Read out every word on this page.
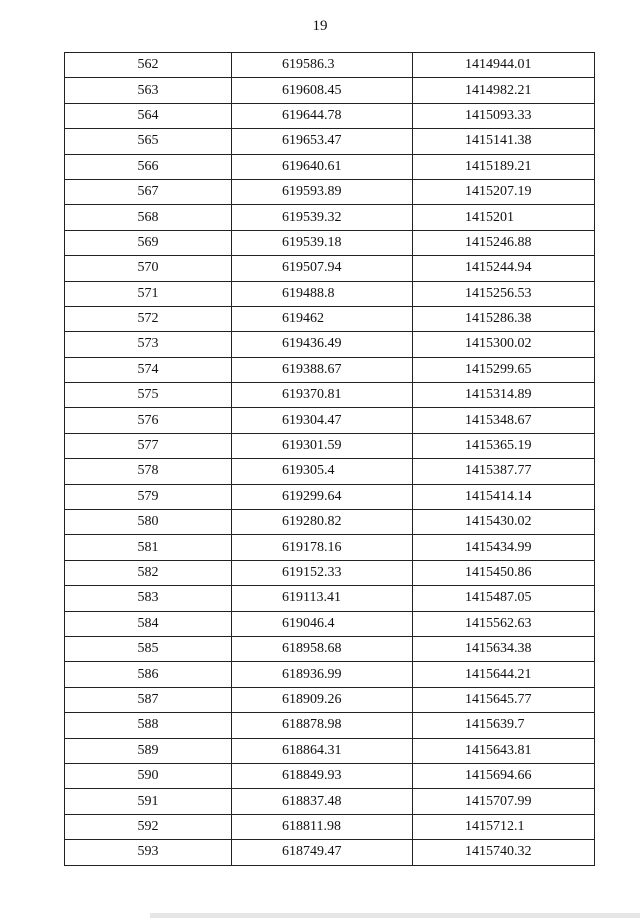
19
562	619586.3	1414944.01
563	619608.45	1414982.21
564	619644.78	1415093.33
565	619653.47	1415141.38
566	619640.61	1415189.21
567	619593.89	1415207.19
568	619539.32	1415201
569	619539.18	1415246.88
570	619507.94	1415244.94
571	619488.8	1415256.53
572	619462	1415286.38
573	619436.49	1415300.02
574	619388.67	1415299.65
575	619370.81	1415314.89
576	619304.47	1415348.67
577	619301.59	1415365.19
578	619305.4	1415387.77
579	619299.64	1415414.14
580	619280.82	1415430.02
581	619178.16	1415434.99
582	619152.33	1415450.86
583	619113.41	1415487.05
584	619046.4	1415562.63
585	618958.68	1415634.38
586	618936.99	1415644.21
587	618909.26	1415645.77
588	618878.98	1415639.7
589	618864.31	1415643.81
590	618849.93	1415694.66
591	618837.48	1415707.99
592	618811.98	1415712.1
593	618749.47	1415740.32
